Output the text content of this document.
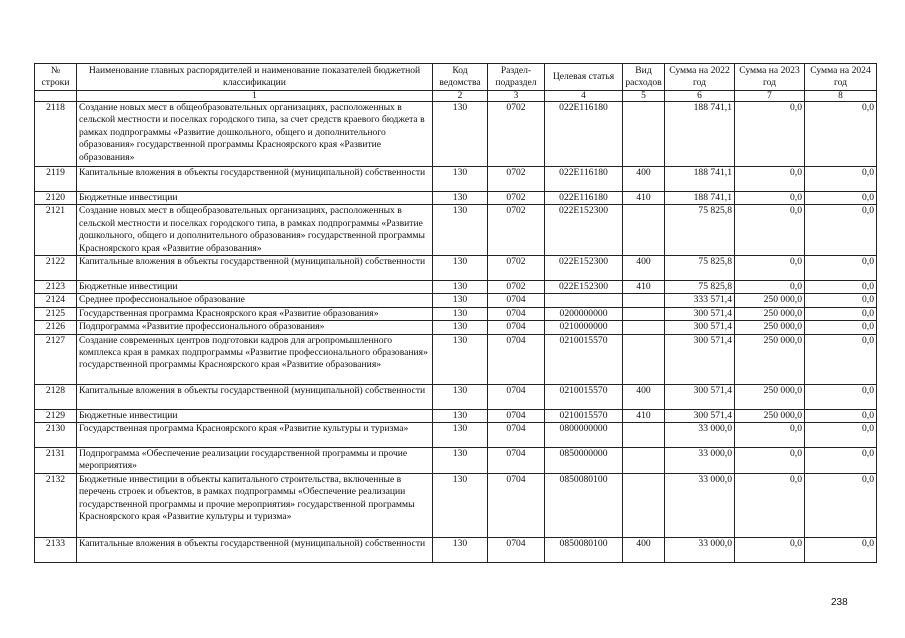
№ строки	Наименование главных распорядителей и наименование показателей бюджетной классификации	Код ведомства	Раздел-подраздел	Целевая статья	Вид расходов	Сумма на 2022 год	Сумма на 2023 год	Сумма на 2024 год
	1	2	3	4	5	6	7	8
2118	Создание новых мест в общеобразовательных организациях, расположенных в сельской местности и поселках городского типа, за счет средств краевого бюджета в рамках подпрограммы «Развитие дошкольного, общего и дополнительного образования» государственной программы Красноярского края «Развитие образования»	130	0702	022E116180		188 741,1	0,0	0,0
2119	Капитальные вложения в объекты государственной (муниципальной) собственности	130	0702	022E116180	400	188 741,1	0,0	0,0
2120	Бюджетные инвестиции	130	0702	022E116180	410	188 741,1	0,0	0,0
2121	Создание новых мест в общеобразовательных организациях, расположенных в сельской местности и поселках городского типа, в рамках подпрограммы «Развитие дошкольного, общего и дополнительного образования» государственной программы Красноярского края «Развитие образования»	130	0702	022E152300		75 825,8	0,0	0,0
2122	Капитальные вложения в объекты государственной (муниципальной) собственности	130	0702	022E152300	400	75 825,8	0,0	0,0
2123	Бюджетные инвестиции	130	0702	022E152300	410	75 825,8	0,0	0,0
2124	Среднее профессиональное образование	130	0704			333 571,4	250 000,0	0,0
2125	Государственная программа Красноярского края «Развитие образования»	130	0704	0200000000		300 571,4	250 000,0	0,0
2126	Подпрограмма «Развитие профессионального образования»	130	0704	0210000000		300 571,4	250 000,0	0,0
2127	Создание современных центров подготовки кадров для агропромышленного комплекса края в рамках подпрограммы «Развитие профессионального образования» государственной программы Красноярского края «Развитие образования»	130	0704	0210015570		300 571,4	250 000,0	0,0
2128	Капитальные вложения в объекты государственной (муниципальной) собственности	130	0704	0210015570	400	300 571,4	250 000,0	0,0
2129	Бюджетные инвестиции	130	0704	0210015570	410	300 571,4	250 000,0	0,0
2130	Государственная программа Красноярского края «Развитие культуры и туризма»	130	0704	0800000000		33 000,0	0,0	0,0
2131	Подпрограмма «Обеспечение реализации государственной программы и прочие мероприятия»	130	0704	0850000000		33 000,0	0,0	0,0
2132	Бюджетные инвестиции в объекты капитального строительства, включенные в перечень строек и объектов, в рамках подпрограммы «Обеспечение реализации государственной программы и прочие мероприятия» государственной программы Красноярского края «Развитие культуры и туризма»	130	0704	0850080100		33 000,0	0,0	0,0
2133	Капитальные вложения в объекты государственной (муниципальной) собственности	130	0704	0850080100	400	33 000,0	0,0	0,0
238
